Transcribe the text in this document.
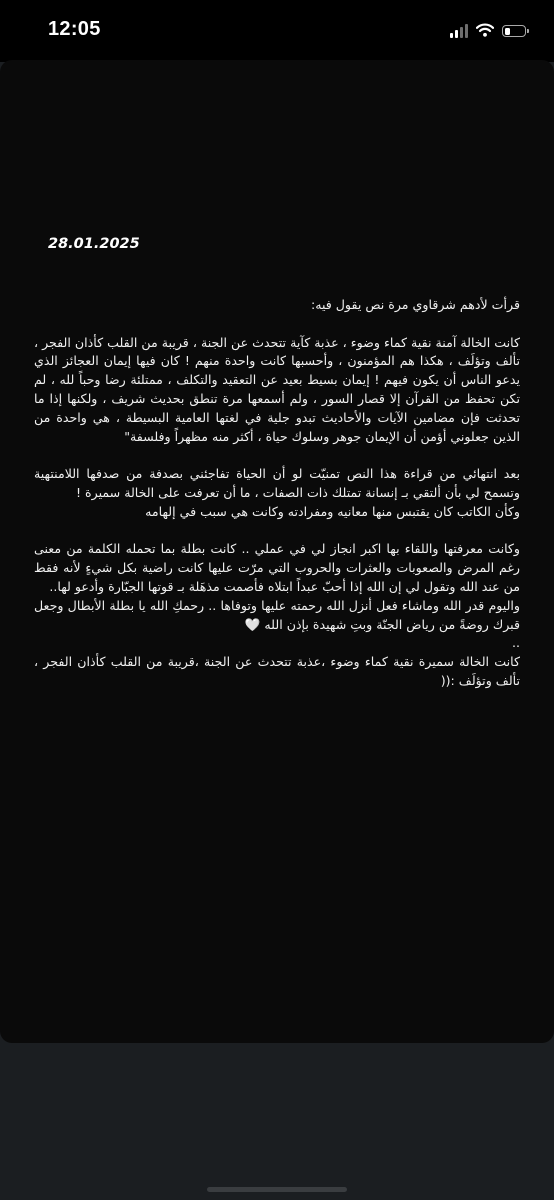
12:05
28.01.2025

قرأت لأدهم شرقاوي مرة نص يقول فيه:

كانت الخالة آمنة نقية كماء وضوء ، عذبة كآية تتحدث عن الجنة ، قريبة من القلب كأذان الفجر ، تألف وتؤلَف ، هكذا هم المؤمنون ، وأحسبها كانت واحدة منهم ! كان فيها إيمان العجائز الذي يدعو الناس أن يكون فيهم ! إيمان بسيط بعيد عن التعقيد والتكلف ، ممتلئة رضا وحباً لله ، لم تكن تحفظ من القرآن إلا قصار السور ، ولم أسمعها مرة تنطق بحديث شريف ، ولكنها إذا ما تحدثت فإن مضامين الآيات والأحاديث تبدو جلية في لغتها العامية البسيطة ، هي واحدة من الذين جعلوني أؤمن أن الإيمان جوهر وسلوك حياة ، أكثر منه مظهراً وفلسفة"

بعد انتهائي من قراءة هذا النص تمنيّت لو أن الحياة تفاجئني بصدفة من صدفها اللامنتهية وتسمح لي بأن ألتقي بـ إنسانة تمتلك ذات الصفات ، ما أن تعرفت على الخالة سميرة !
وكأن الكاتب كان يقتبس منها معانيه ومفرادته وكانت هي سبب في إلهامه

وكانت معرفتها واللقاء بها اكبر انجاز لي في عملي .. كانت بطلة بما تحمله الكلمة من معنى رغم المرض والصعوبات والعثرات والحروب التي مرّت عليها كانت راضية بكل شيءٍ لأنه فقط من عند الله وتقول لي إن الله إذا أحبّ عبداً ابتلاه فأصمت مذهَلة بـ قوتها الجبّارة وأدعو لها..
واليوم قدر الله وماشاء فعل أنزل الله رحمته عليها وتوفاها .. رحمكِ الله يا بطلة الأبطال وجعل قبرك روضةً من رياض الجنّة وبتِ شهيدة بإذن الله 🤍
..
كانت الخالة سميرة نقية كماء وضوء ،عذبة تتحدث عن الجنة ،قريبة من القلب كأذان الفجر ، تألف وتؤلَف :((
